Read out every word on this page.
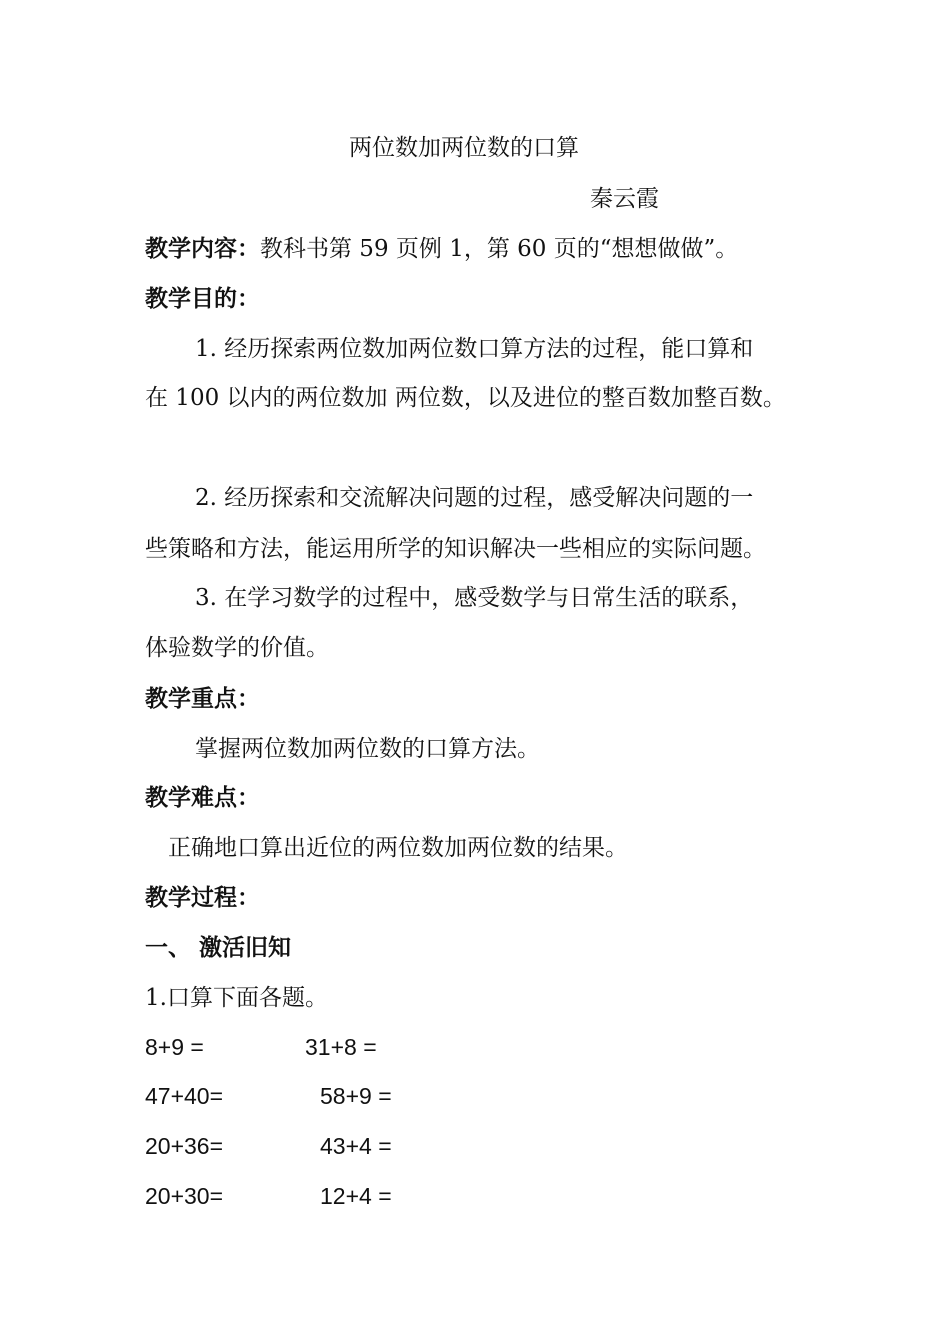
两位数加两位数的口算
秦云霞
教学内容：教科书第 59 页例 1，第 60 页的“想想做做”。
教学目的：
1. 经历探索两位数加两位数口算方法的过程，能口算和
在 100 以内的两位数加 两位数，以及进位的整百数加整百数。
2. 经历探索和交流解决问题的过程，感受解决问题的一
些策略和方法，能运用所学的知识解决一些相应的实际问题。
3. 在学习数学的过程中，感受数学与日常生活的联系，
体验数学的价值。
教学重点：
掌握两位数加两位数的口算方法。
教学难点：
正确地口算出近位的两位数加两位数的结果。
教学过程：
一、 激活旧知
1.口算下面各题。
8+9 =	31+8 =
47+40=	58+9 =
20+36=	43+4 =
20+30=	12+4 =
